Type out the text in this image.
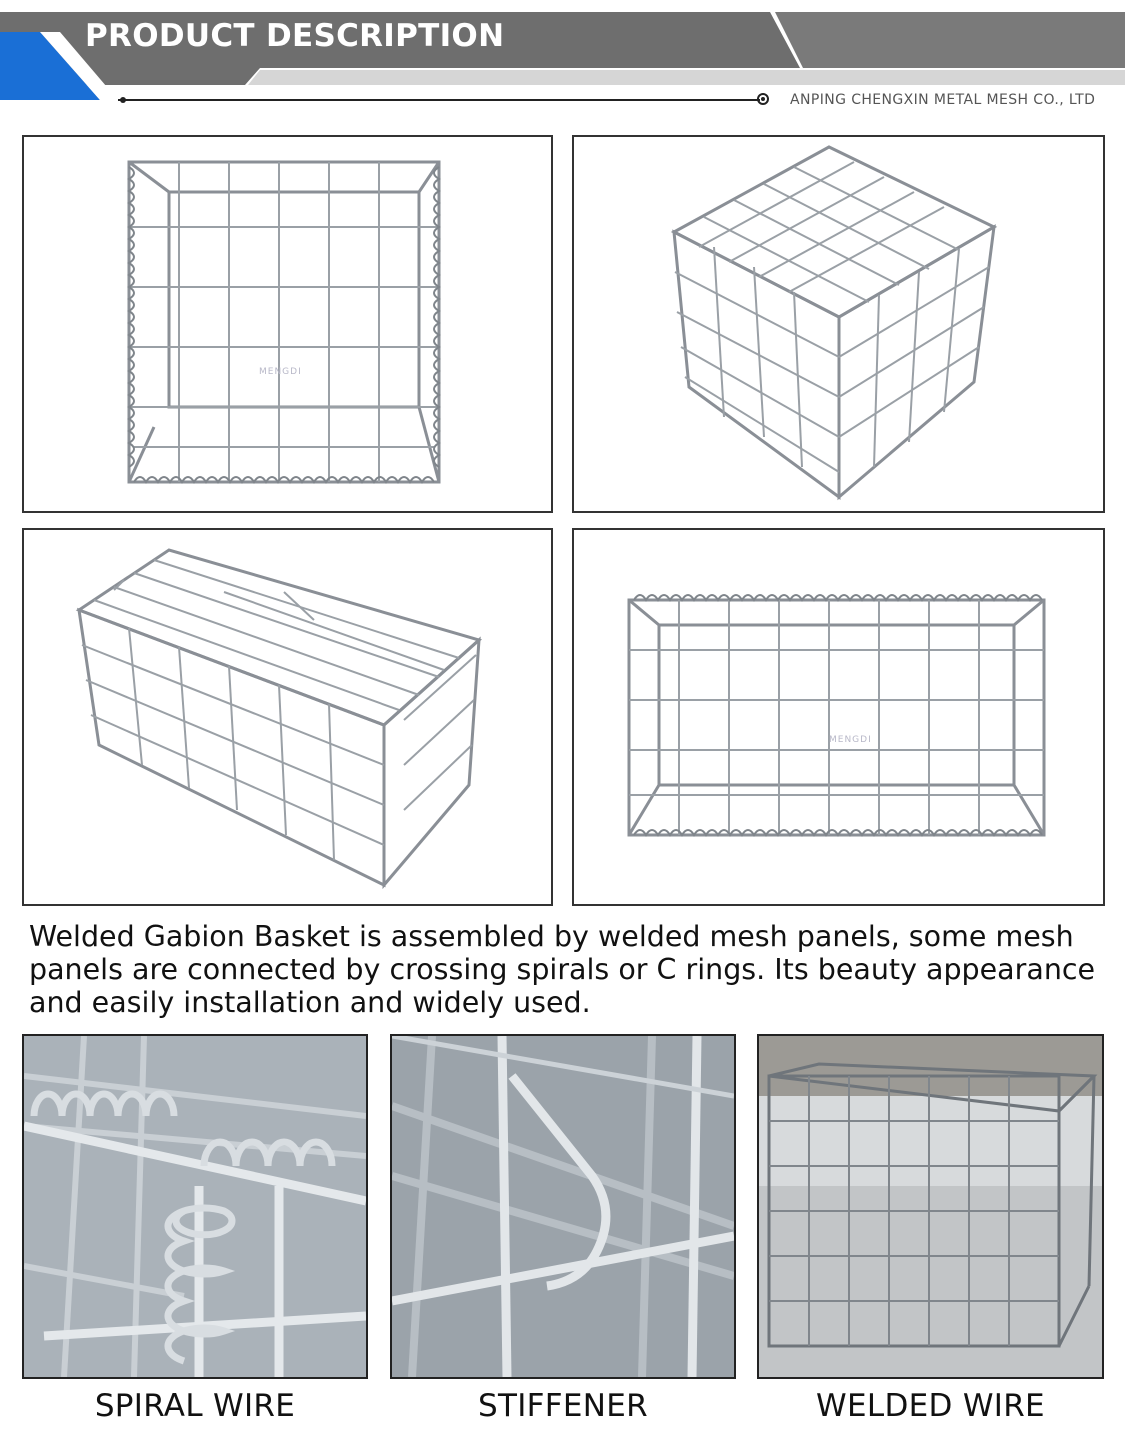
PRODUCT DESCRIPTION
ANPING CHENGXIN METAL MESH CO., LTD
MENGDI
MENGDI

Welded Gabion Basket is assembled by welded mesh panels, some mesh panels are connected by crossing spirals or C rings. Its beauty appearance and easily installation and widely used.

SPIRAL WIRE	STIFFENER	WELDED WIRE
